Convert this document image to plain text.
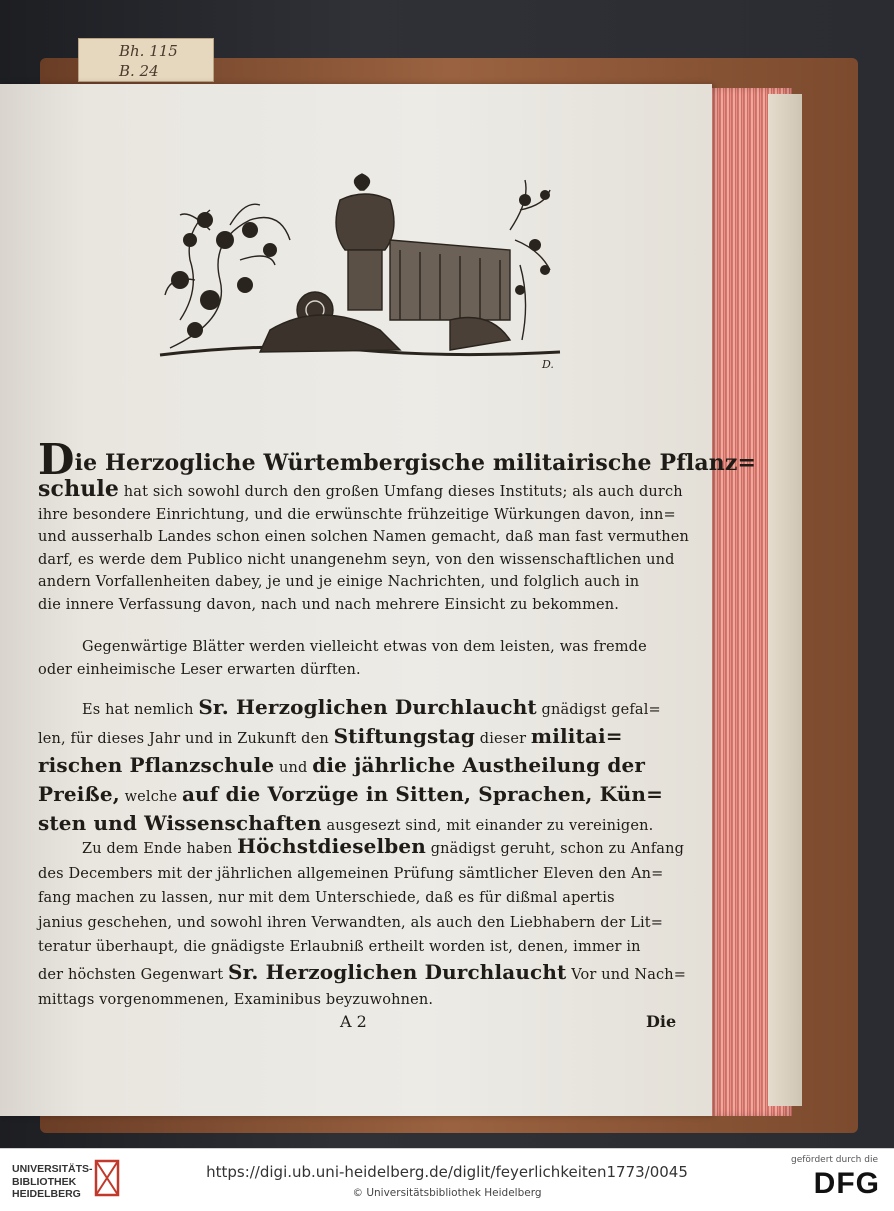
Bh. 115
B. 24
D.
Die Herzogliche Würtembergische militairische Pflanz=
schule hat sich sowohl durch den großen Umfang dieses Instituts; als auch durch
ihre besondere Einrichtung, und die erwünschte frühzeitige Würkungen davon, inn=
und ausserhalb Landes schon einen solchen Namen gemacht, daß man fast vermuthen
darf, es werde dem Publico nicht unangenehm seyn, von den wissenschaftlichen und
andern Vorfallenheiten dabey, je und je einige Nachrichten, und folglich auch in
die innere Verfassung davon, nach und nach mehrere Einsicht zu bekommen.
Gegenwärtige Blätter werden vielleicht etwas von dem leisten, was fremde
oder einheimische Leser erwarten dürften.
Es hat nemlich Sr. Herzoglichen Durchlaucht gnädigst gefal=
len, für dieses Jahr und in Zukunft den Stiftungstag dieser militai=
rischen Pflanzschule und die jährliche Austheilung der
Preiße, welche auf die Vorzüge in Sitten, Sprachen, Kün=
sten und Wissenschaften ausgesezt sind, mit einander zu vereinigen.
Zu dem Ende haben Höchstdieselben gnädigst geruht, schon zu Anfang
des Decembers mit der jährlichen allgemeinen Prüfung sämtlicher Eleven den An=
fang machen zu lassen, nur mit dem Unterschiede, daß es für dißmal apertis
janius geschehen, und sowohl ihren Verwandten, als auch den Liebhabern der Lit=
teratur überhaupt, die gnädigste Erlaubniß ertheilt worden ist, denen, immer in
der höchsten Gegenwart Sr. Herzoglichen Durchlaucht Vor und Nach=
mittags vorgenommenen, Examinibus beyzuwohnen.
A 2	Die
UNIVERSITÄTS-
BIBLIOTHEK
HEIDELBERG
https://digi.ub.uni-heidelberg.de/diglit/feyerlichkeiten1773/0045
© Universitätsbibliothek Heidelberg
gefördert durch die
DFG
